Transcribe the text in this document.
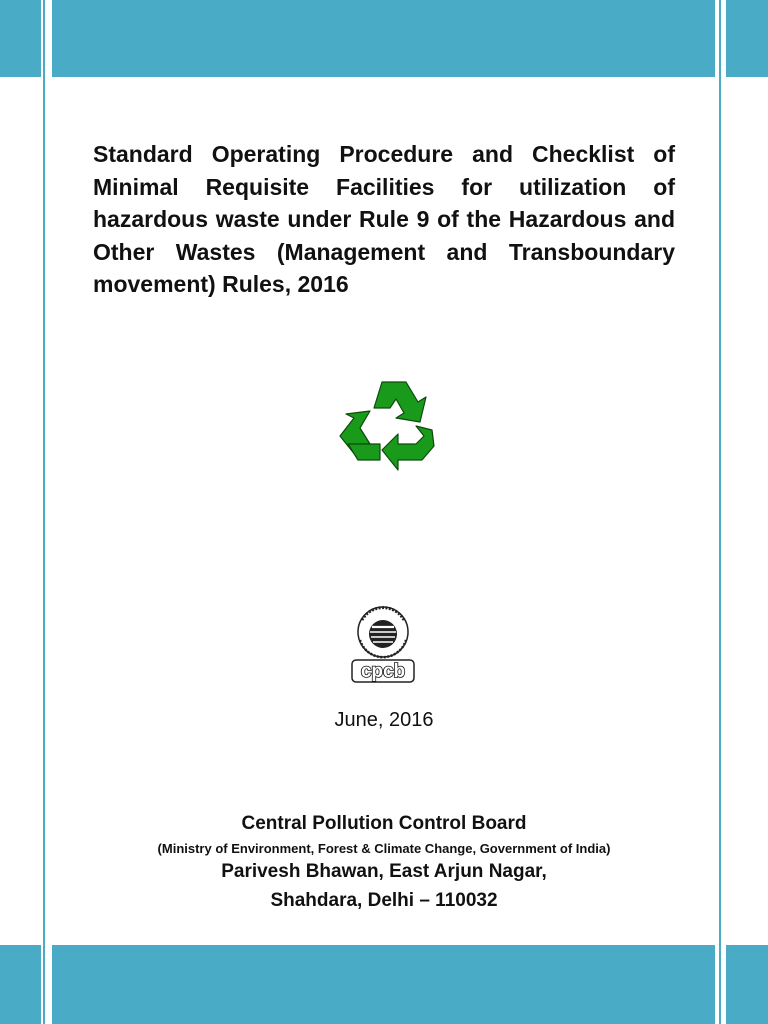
Standard Operating Procedure and Checklist of Minimal Requisite Facilities for utilization of hazardous waste under Rule 9 of the Hazardous and Other Wastes (Management and Transboundary movement) Rules, 2016

cpcb
June, 2016
Central Pollution Control Board
(Ministry of Environment, Forest & Climate Change, Government of India)
Parivesh Bhawan, East Arjun Nagar,
Shahdara, Delhi – 110032
